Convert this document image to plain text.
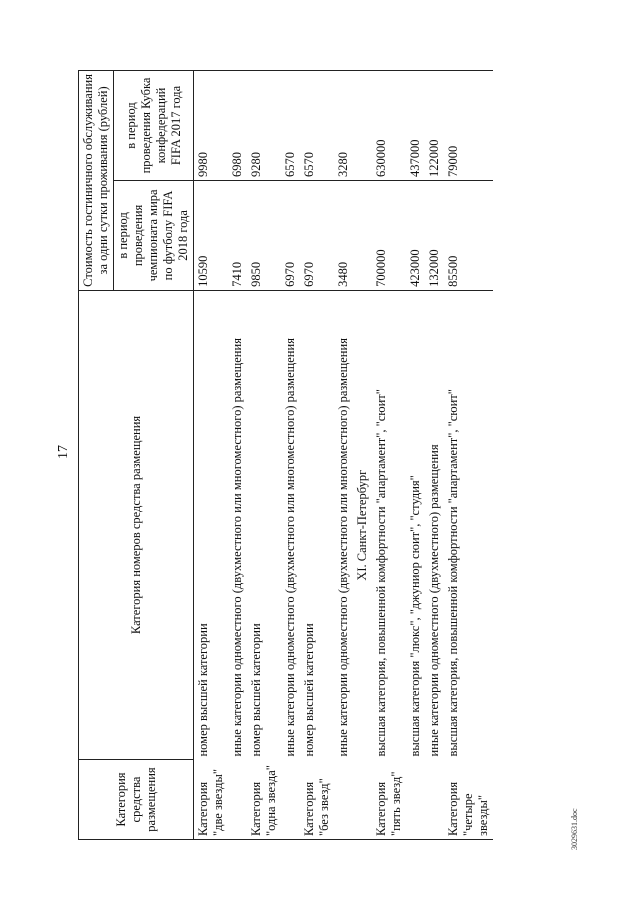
17
Категория средства размещения	Категория номеров средства размещения	Стоимость гостиничного обслуживания за одни сутки проживания (рублей)	
		в период проведения чемпионата мира по футболу FIFA 2018 года	в период проведения Кубка конфедераций FIFA 2017 года
Категория "две звезды"	номер высшей категории	10590	9980
	иные категории одноместного (двухместного или многоместного) размещения	7410	6980
Категория "одна звезда"	номер высшей категории	9850	9280
	иные категории одноместного (двухместного или многоместного) размещения	6970	6570
Категория "без звезд"	номер высшей категории	6970	6570
	иные категории одноместного (двухместного или многоместного) размещения	3480	3280
	XI. Санкт-Петербург		
Категория "пять звезд"	высшая категория, повышенной комфортности "апартамент", "сюит"	700000	630000
	высшая категория "люкс", "джуниор сюит", "студия"	423000	437000
	иные категории одноместного (двухместного) размещения	132000	122000
Категория "четыре звезды"	высшая категория, повышенной комфортности "апартамент", "сюит"	85500	79000
3029631.doc
